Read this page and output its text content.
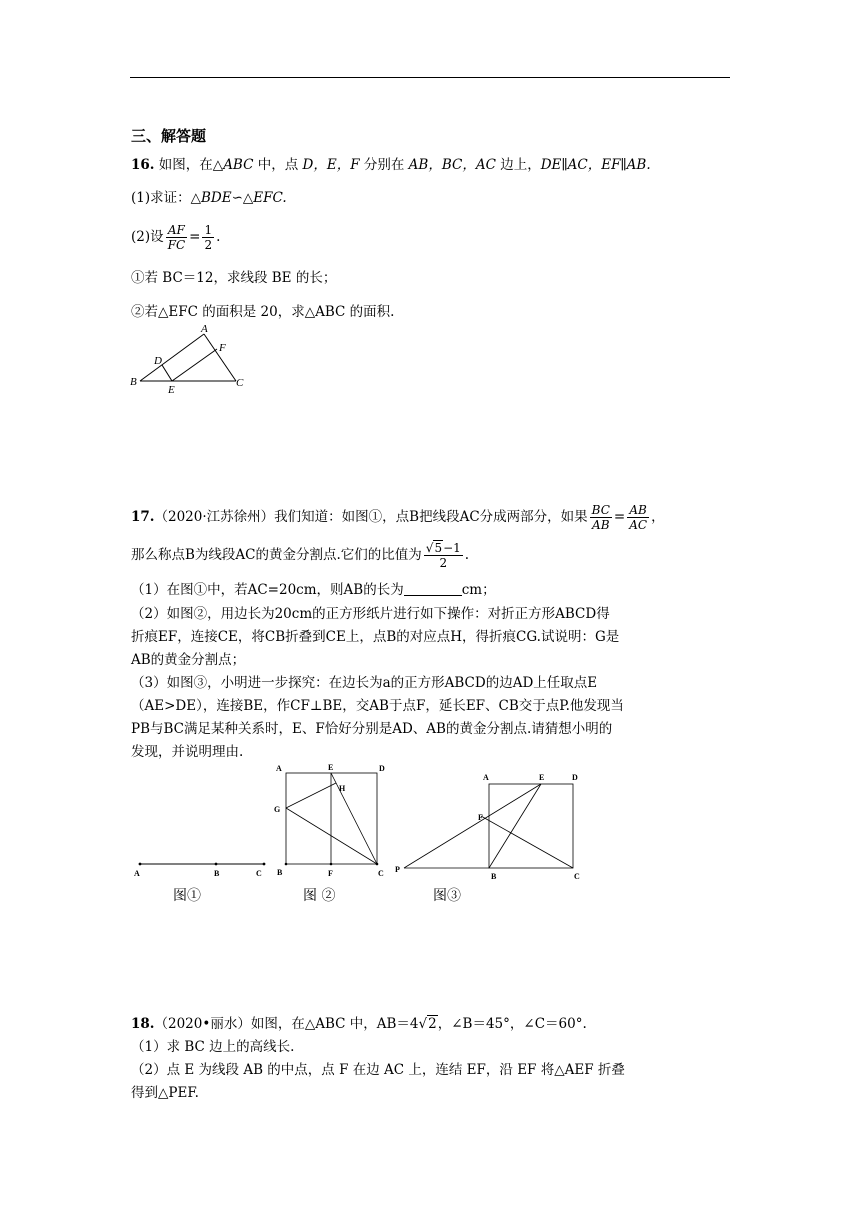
三、解答题
16. 如图，在△ABC 中，点 D，E，F 分别在 AB，BC，AC 边上，DE∥AC，EF∥AB.
(1)求证：△BDE∽△EFC.
(2)设 $\frac{AF}{FC} = \frac{1}{2}$ .
①若 BC＝12，求线段 BE 的长；
②若△EFC 的面积是 20，求△ABC 的面积.
A
D
F
B
E
C
17.（2020·江苏徐州）我们知道：如图①，点B把线段AC分成两部分，如果 $\frac{BC}{AB} = \frac{AB}{AC}$ ，
那么称点B为线段AC的黄金分割点.它们的比值为 $\frac{√5-1}{2}$ .
（1）在图①中，若AC=20cm，则AB的长为	cm；
（2）如图②，用边长为20cm的正方形纸片进行如下操作：对折正方形ABCD得
折痕EF，连接CE，将CB折叠到CE上，点B的对应点H，得折痕CG.试说明：G是
AB的黄金分割点；
（3）如图③，小明进一步探究：在边长为a的正方形ABCD的边AD上任取点E
（AE>DE），连接BE，作CF⊥BE，交AB于点F，延长EF、CB交于点P.他发现当
PB与BC满足某种关系时，E、F恰好分别是AD、AB的黄金分割点.请猜想小明的
发现，并说明理由.
A	B	C
A	E	D
H
G
B	F	C
A	E	D
F
P
B	C
图①	图 ②	图③
18.（2020•丽水）如图，在△ABC 中，AB＝4√2，∠B＝45°，∠C＝60°.
（1）求 BC 边上的高线长.
（2）点 E 为线段 AB 的中点，点 F 在边 AC 上，连结 EF，沿 EF 将△AEF 折叠
得到△PEF.
